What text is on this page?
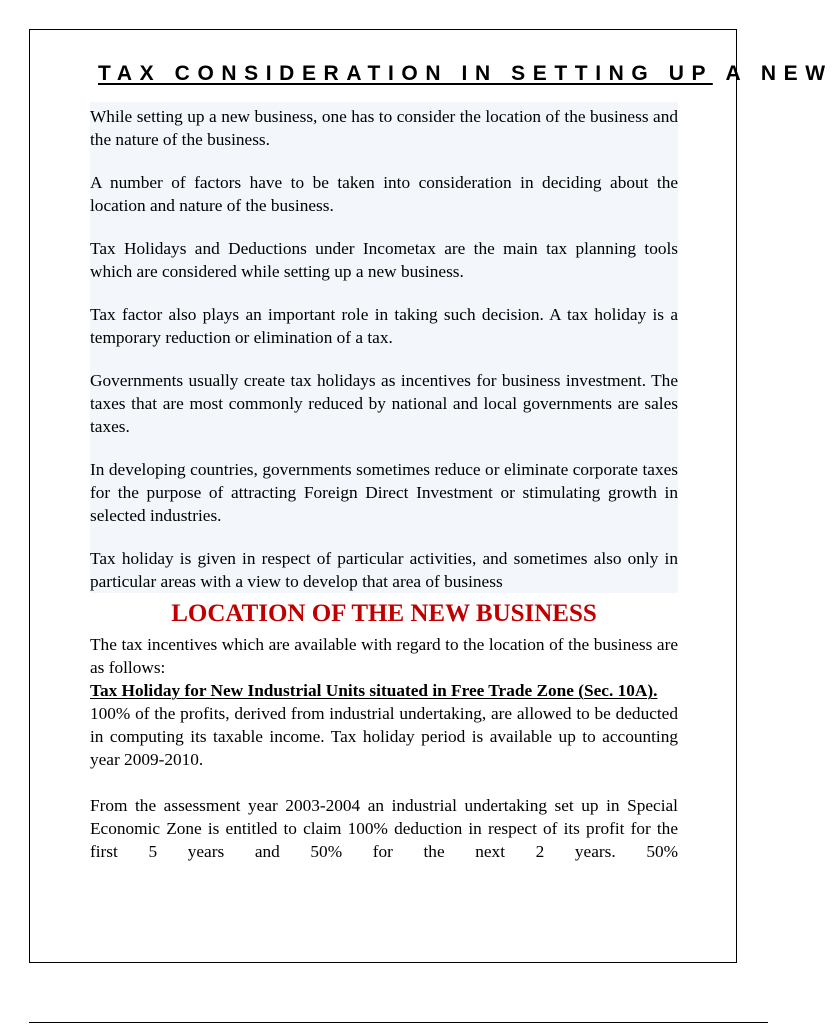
TAX CONSIDERATION IN SETTING UP A NEW

While setting up a new business, one has to consider the location of the business and the nature of the business.

A number of factors have to be taken into consideration in deciding about the location and nature of the business.

Tax Holidays and Deductions under Incometax are the main tax planning tools which are considered while setting up a new business.

Tax factor also plays an important role in taking such decision. A tax holiday is a temporary reduction or elimination of a tax.

Governments usually create tax holidays as incentives for business investment. The taxes that are most commonly reduced by national and local governments are sales taxes.

In developing countries, governments sometimes reduce or eliminate corporate taxes for the purpose of attracting Foreign Direct Investment or stimulating growth in selected industries.

Tax holiday is given in respect of particular activities, and sometimes also only in particular areas with a view to develop that area of business

LOCATION OF THE NEW BUSINESS

The tax incentives which are available with regard to the location of the business are as follows:

Tax Holiday for New Industrial Units situated in Free Trade Zone (Sec. 10A).

100% of the profits, derived from industrial undertaking, are allowed to be deducted in computing its taxable income. Tax holiday period is available up to accounting year 2009-2010.

From the assessment year 2003-2004 an industrial undertaking set up in Special Economic Zone is entitled to claim 100% deduction in respect of its profit for the first 5 years and 50% for the next 2 years. 50%
